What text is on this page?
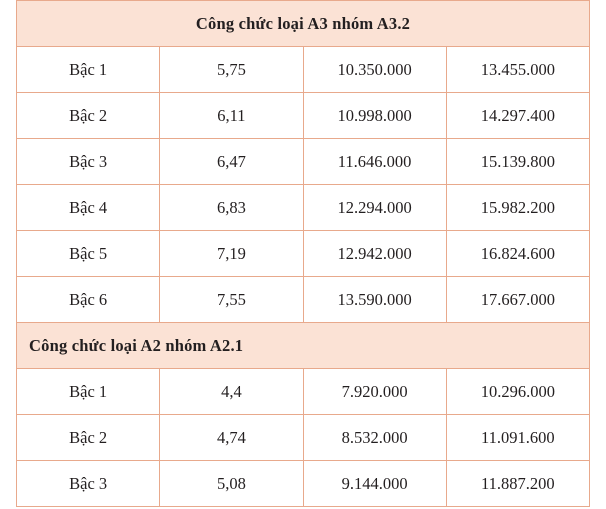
Công chức loại A3 nhóm A3.2			
Bậc 1	5,75	10.350.000	13.455.000
Bậc 2	6,11	10.998.000	14.297.400
Bậc 3	6,47	11.646.000	15.139.800
Bậc 4	6,83	12.294.000	15.982.200
Bậc 5	7,19	12.942.000	16.824.600
Bậc 6	7,55	13.590.000	17.667.000
Công chức loại A2 nhóm A2.1			
Bậc 1	4,4	7.920.000	10.296.000
Bậc 2	4,74	8.532.000	11.091.600
Bậc 3	5,08	9.144.000	11.887.200
